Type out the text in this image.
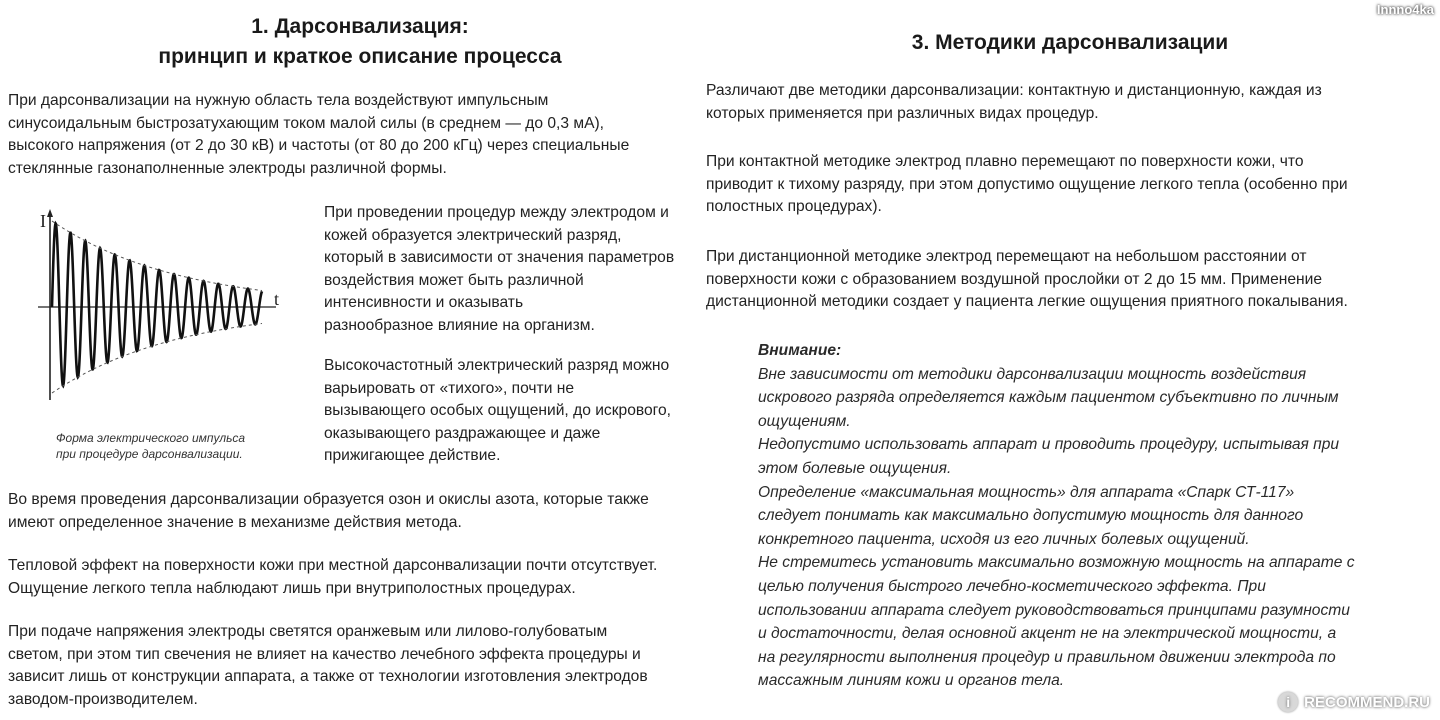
Innno4ka
1. Дарсонвализация:
принцип и краткое описание процесса
При дарсонвализации на нужную область тела воздействуют импульсным
синусоидальным быстрозатухающим током малой силы (в среднем — до 0,3 мА),
высокого напряжения (от 2 до 30 кВ) и частоты (от 80 до 200 кГц) через специальные
стеклянные газонаполненные электроды различной формы.
I
t
Форма электрического импульса
при процедуре дарсонвализации.
При проведении процедур между электродом и
кожей образуется электрический разряд,
который в зависимости от значения параметров
воздействия может быть различной
интенсивности и оказывать
разнообразное влияние на организм.
Высокочастотный электрический разряд можно
варьировать от «тихого», почти не
вызывающего особых ощущений, до искрового,
оказывающего раздражающее и даже
прижигающее действие.
Во время проведения дарсонвализации образуется озон и окислы азота, которые также
имеют определенное значение в механизме действия метода.
Тепловой эффект на поверхности кожи при местной дарсонвализации почти отсутствует.
Ощущение легкого тепла наблюдают лишь при внутриполостных процедурах.
При подаче напряжения электроды светятся оранжевым или лилово-голубоватым
светом, при этом тип свечения не влияет на качество лечебного эффекта процедуры и
зависит лишь от конструкции аппарата, а также от технологии изготовления электродов
заводом-производителем.
3. Методики дарсонвализации
Различают две методики дарсонвализации: контактную и дистанционную, каждая из
которых применяется при различных видах процедур.
При контактной методике электрод плавно перемещают по поверхности кожи, что
приводит к тихому разряду, при этом допустимо ощущение легкого тепла (особенно при
полостных процедурах).
При дистанционной методике электрод перемещают на небольшом расстоянии от
поверхности кожи с образованием воздушной прослойки от 2 до 15 мм. Применение
дистанционной методики создает у пациента легкие ощущения приятного покалывания.
Внимание:
Вне зависимости от методики дарсонвализации мощность воздействия
искрового разряда определяется каждым пациентом субъективно по личным
ощущениям.
Недопустимо использовать аппарат и проводить процедуру, испытывая при
этом болевые ощущения.
Определение «максимальная мощность» для аппарата «Спарк СТ-117»
следует понимать как максимально допустимую мощность для данного
конкретного пациента, исходя из его личных болевых ощущений.
Не стремитесь установить максимально возможную мощность на аппарате с
целью получения быстрого лечебно-косметического эффекта. При
использовании аппарата следует руководствоваться принципами разумности
и достаточности, делая основной акцент не на электрической мощности, а
на регулярности выполнения процедур и правильном движении электрода по
массажным линиям кожи и органов тела.
i RECOMMEND.RU
